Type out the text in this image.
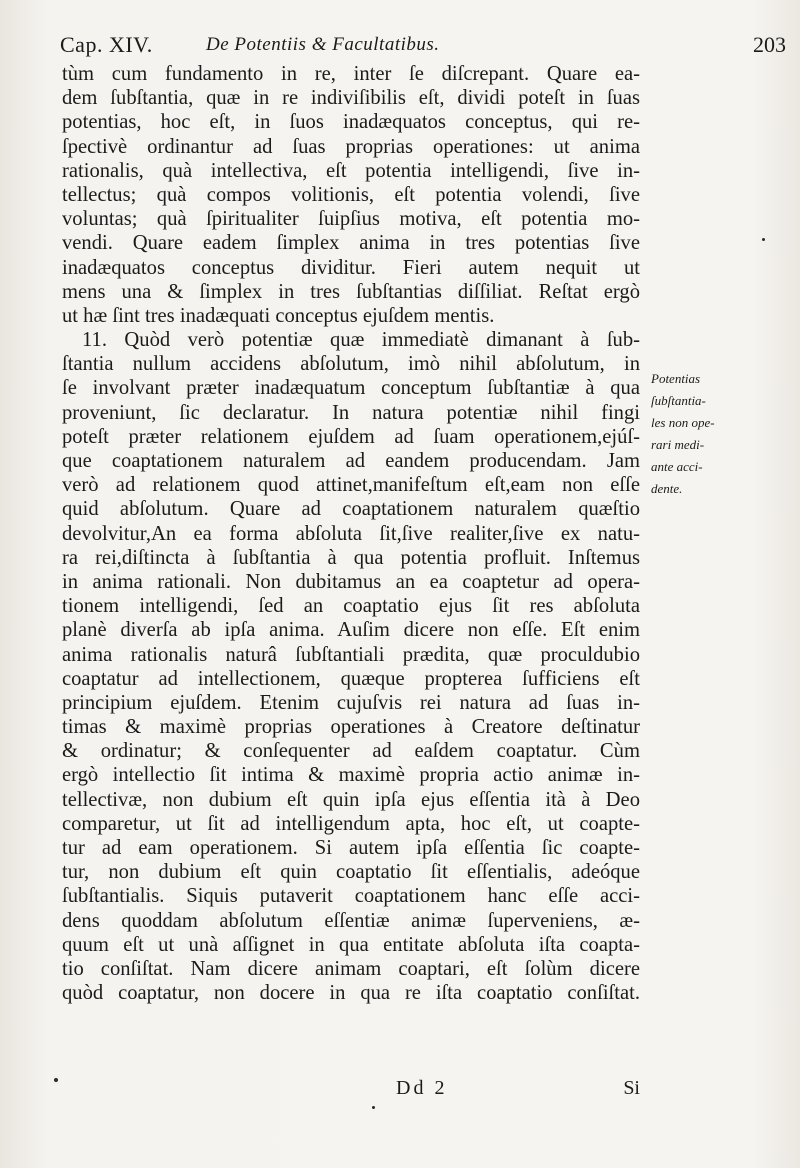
Cap. XIV.	De Potentiis & Facultatibus.	203
tùm cum fundamento in re, inter ſe diſcrepant. Quare ea-
dem ſubſtantia, quæ in re indiviſibilis eſt, dividi poteſt in ſuas
potentias, hoc eſt, in ſuos inadæquatos conceptus, qui re-
ſpectivè ordinantur ad ſuas proprias operationes: ut anima
rationalis, quà intellectiva, eſt potentia intelligendi, ſive in-
tellectus; quà compos volitionis, eſt potentia volendi, ſive
voluntas; quà ſpiritualiter ſuipſius motiva, eſt potentia mo-
vendi. Quare eadem ſimplex anima in tres potentias ſive
inadæquatos conceptus dividitur. Fieri autem nequit ut
mens una & ſimplex in tres ſubſtantias diſſiliat. Reſtat ergò
ut hæ ſint tres inadæquati conceptus ejuſdem mentis.
11. Quòd verò potentiæ quæ immediatè dimanant à ſub-
ſtantia nullum accidens abſolutum, imò nihil abſolutum, in
ſe involvant præter inadæquatum conceptum ſubſtantiæ à qua
proveniunt, ſic declaratur. In natura potentiæ nihil fingi
poteſt præter relationem ejuſdem ad ſuam operationem,ejúſ-
que coaptationem naturalem ad eandem producendam. Jam
verò ad relationem quod attinet,manifeſtum eſt,eam non eſſe
quid abſolutum. Quare ad coaptationem naturalem quæſtio
devolvitur,An ea forma abſoluta ſit,ſive realiter,ſive ex natu-
ra rei,diſtincta à ſubſtantia à qua potentia profluit. Inſtemus
in anima rationali. Non dubitamus an ea coaptetur ad opera-
tionem intelligendi, ſed an coaptatio ejus ſit res abſoluta
planè diverſa ab ipſa anima. Auſim dicere non eſſe. Eſt enim
anima rationalis naturâ ſubſtantiali prædita, quæ proculdubio
coaptatur ad intellectionem, quæque propterea ſufficiens eſt
principium ejuſdem. Etenim cujuſvis rei natura ad ſuas in-
timas & maximè proprias operationes à Creatore deſtinatur
& ordinatur; & conſequenter ad eaſdem coaptatur. Cùm
ergò intellectio ſit intima & maximè propria actio animæ in-
tellectivæ, non dubium eſt quin ipſa ejus eſſentia ità à Deo
comparetur, ut ſit ad intelligendum apta, hoc eſt, ut coapte-
tur ad eam operationem. Si autem ipſa eſſentia ſic coapte-
tur, non dubium eſt quin coaptatio ſit eſſentialis, adeóque
ſubſtantialis. Siquis putaverit coaptationem hanc eſſe acci-
dens quoddam abſolutum eſſentiæ animæ ſuperveniens, æ-
quum eſt ut unà aſſignet in qua entitate abſoluta iſta coapta-
tio conſiſtat. Nam dicere animam coaptari, eſt ſolùm dicere
quòd coaptatur, non docere in qua re iſta coaptatio conſiſtat.
Potentias
ſubſtantia-
les non ope-
rari medi-
ante acci-
dente.
Dd 2	Si
